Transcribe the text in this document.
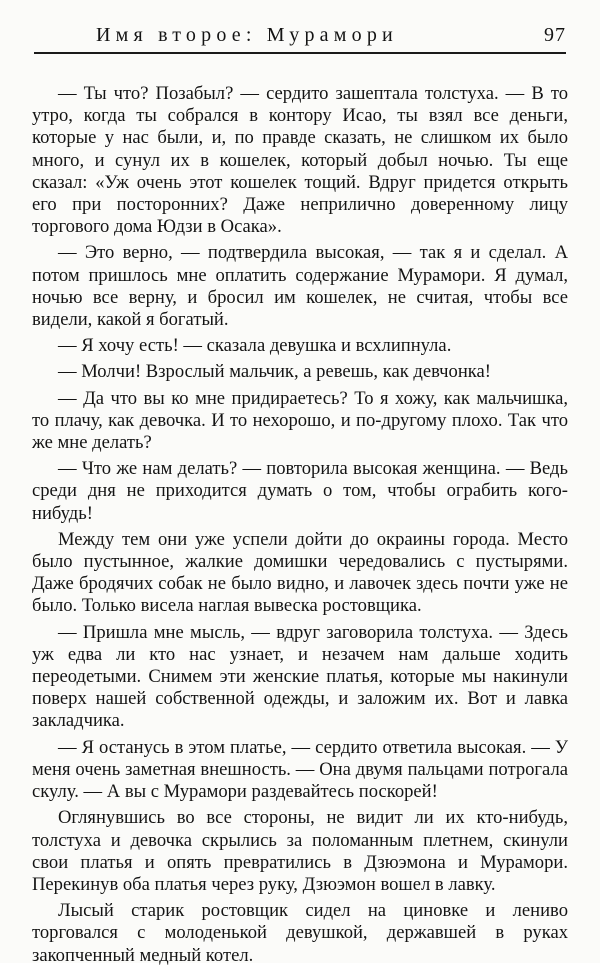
Имя второе: Мурамори	97

— Ты что? Позабыл? — сердито зашептала толстуха. — В то утро, когда ты собрался в контору Исао, ты взял все деньги, которые у нас были, и, по правде сказать, не слишком их было много, и сунул их в кошелек, который добыл ночью. Ты еще сказал: «Уж очень этот кошелек тощий. Вдруг придется открыть его при посторонних? Даже неприлично доверенному лицу торгового дома Юдзи в Осака».

— Это верно, — подтвердила высокая, — так я и сделал. А потом пришлось мне оплатить содержание Мурамори. Я думал, ночью все верну, и бросил им кошелек, не считая, чтобы все видели, какой я богатый.

— Я хочу есть! — сказала девушка и всхлипнула.

— Молчи! Взрослый мальчик, а ревешь, как девчонка!

— Да что вы ко мне придираетесь? То я хожу, как мальчишка, то плачу, как девочка. И то нехорошо, и по-другому плохо. Так что же мне делать?

— Что же нам делать? — повторила высокая женщина. — Ведь среди дня не приходится думать о том, чтобы ограбить кого-нибудь!

Между тем они уже успели дойти до окраины города. Место было пустынное, жалкие домишки чередовались с пустырями. Даже бродячих собак не было видно, и лавочек здесь почти уже не было. Только висела наглая вывеска ростовщика.

— Пришла мне мысль, — вдруг заговорила толстуха. — Здесь уж едва ли кто нас узнает, и незачем нам дальше ходить переодетыми. Снимем эти женские платья, которые мы накинули поверх нашей собственной одежды, и заложим их. Вот и лавка закладчика.

— Я останусь в этом платье, — сердито ответила высокая. — У меня очень заметная внешность. — Она двумя пальцами потрогала скулу. — А вы с Мурамори раздевайтесь поскорей!

Оглянувшись во все стороны, не видит ли их кто-нибудь, толстуха и девочка скрылись за поломанным плетнем, скинули свои платья и опять превратились в Дзюэмона и Мурамори. Перекинув оба платья через руку, Дзюэмон вошел в лавку.

Лысый старик ростовщик сидел на циновке и лениво торговался с молоденькой девушкой, державшей в руках закопченный медный котел.
